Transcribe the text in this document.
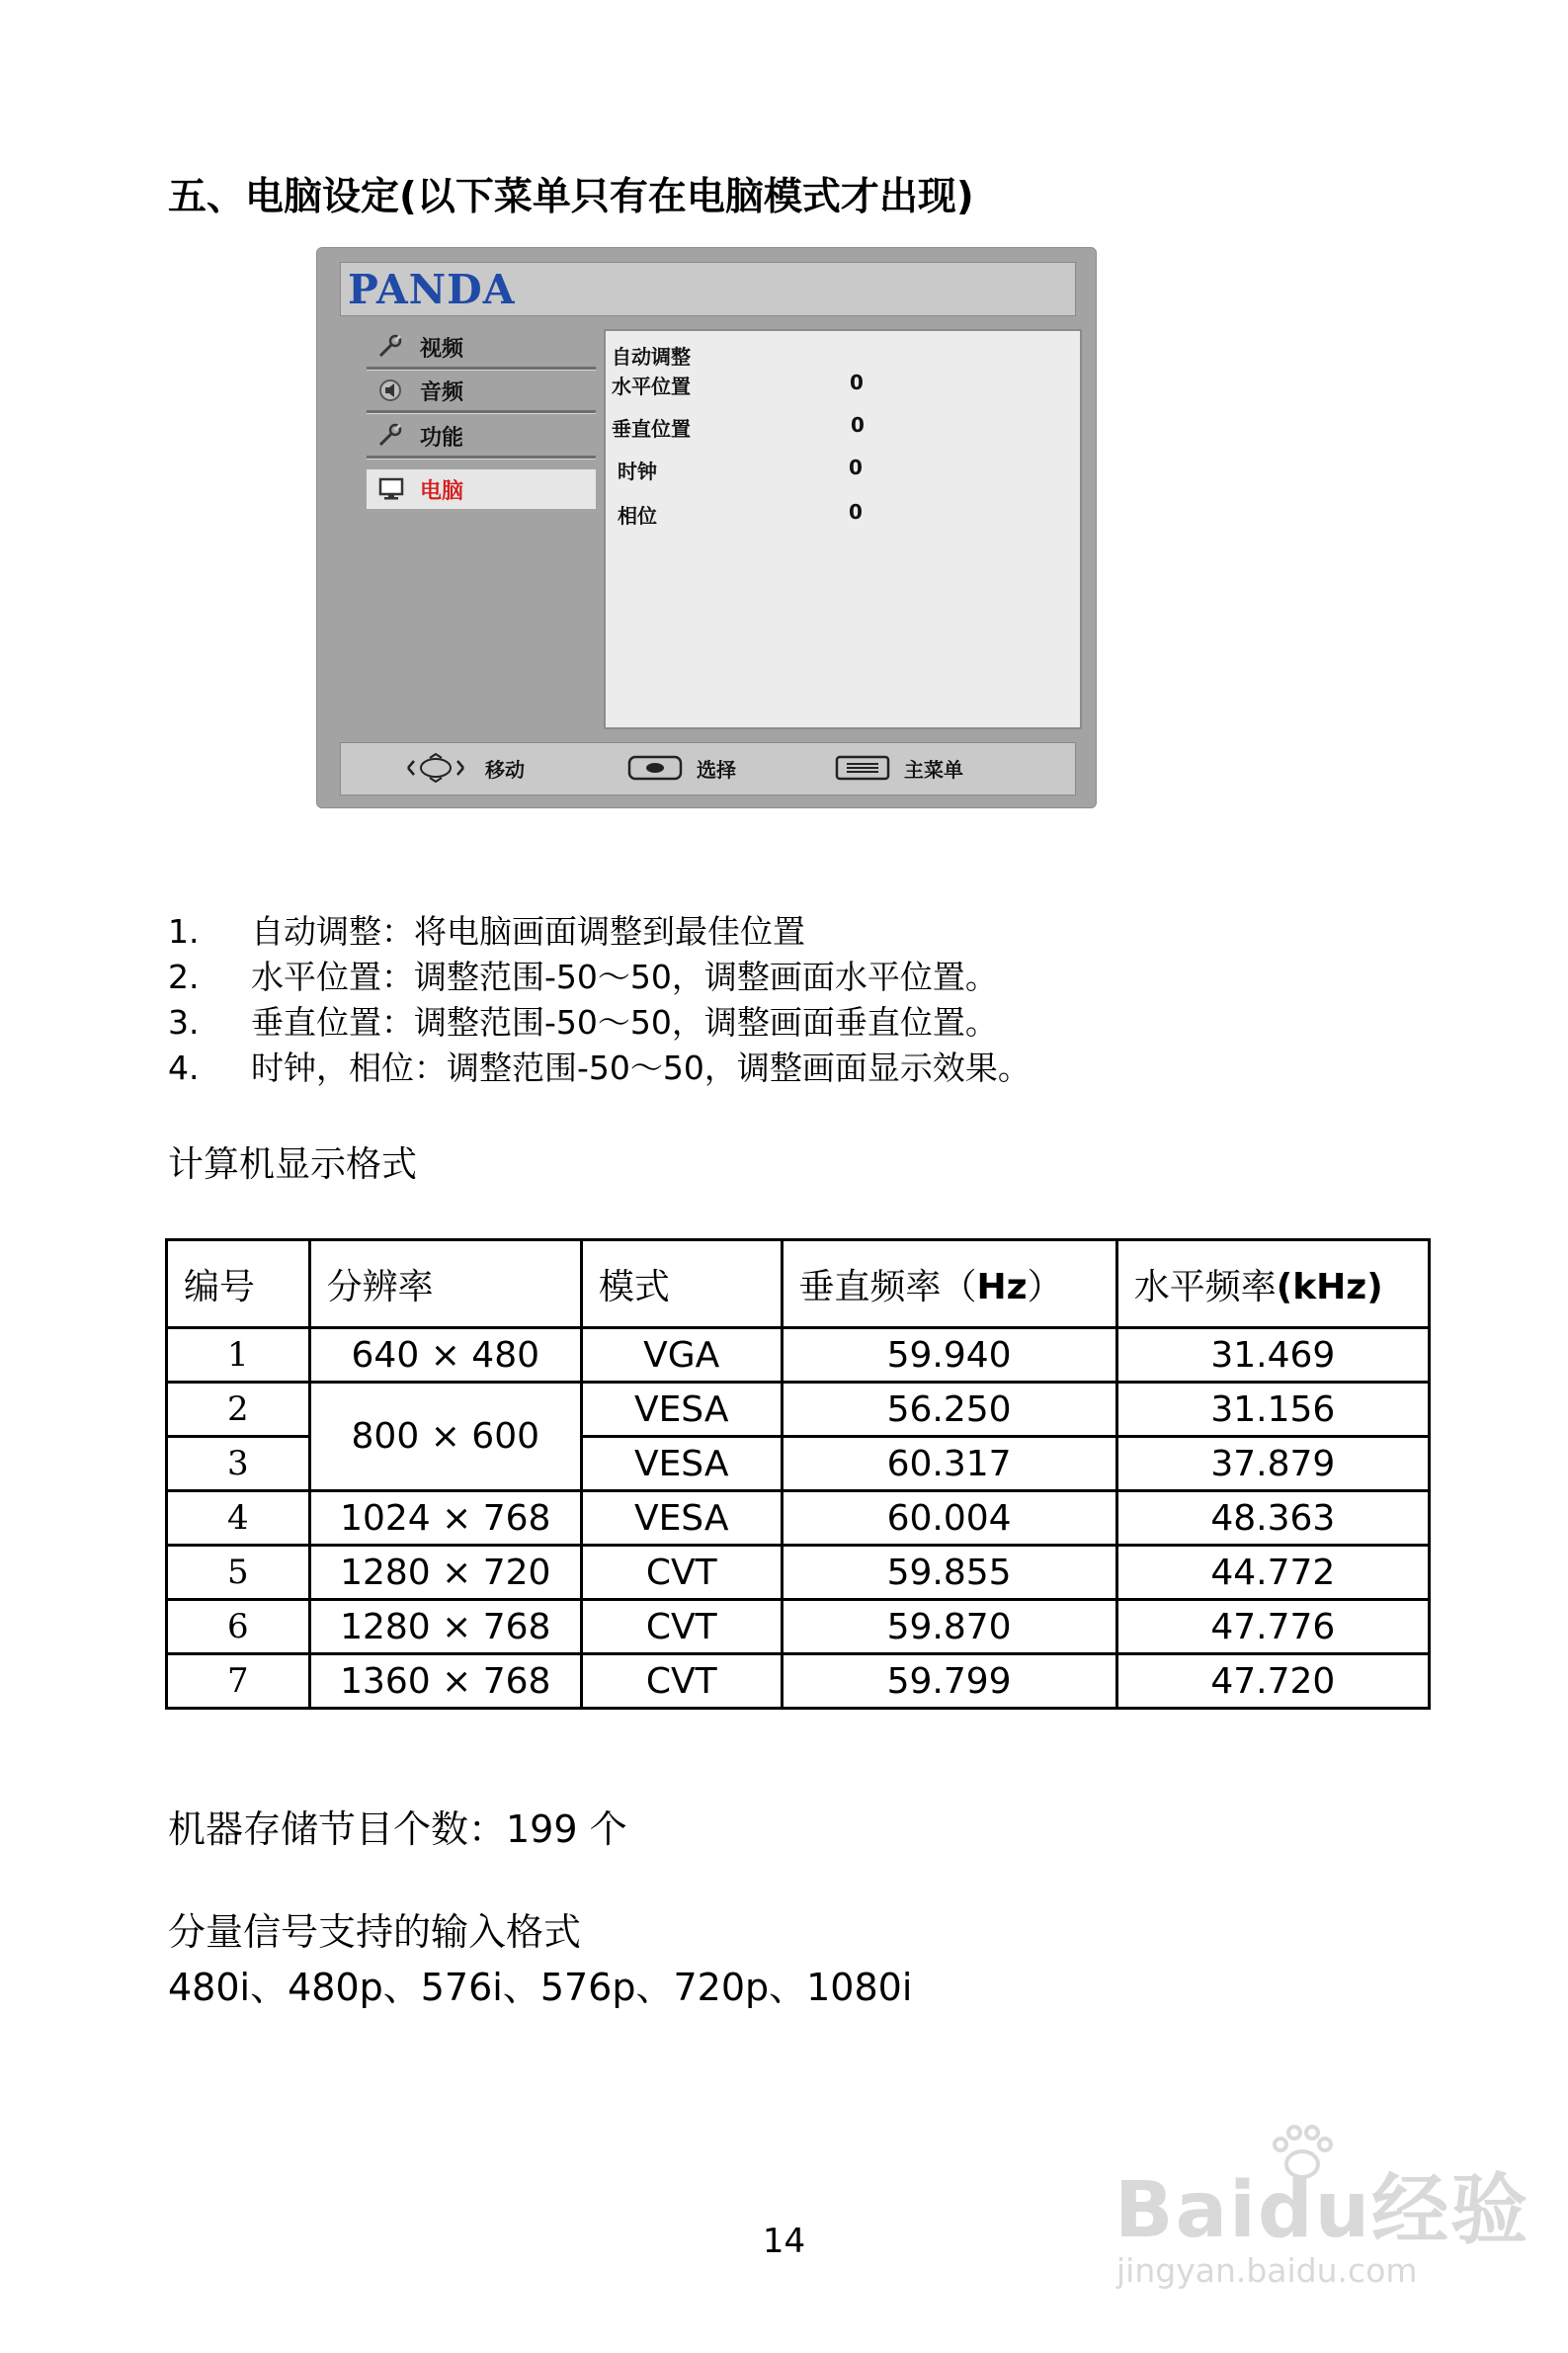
五、电脑设定(以下菜单只有在电脑模式才出现)
PANDA
视频
音频
功能
电脑
自动调整
水平位置	0
垂直位置	0
时钟	0
相位	0
移动	选择	主菜单
1.	自动调整：将电脑画面调整到最佳位置
2.	水平位置：调整范围-50～50，调整画面水平位置。
3.	垂直位置：调整范围-50～50，调整画面垂直位置。
4.	时钟，相位：调整范围-50～50，调整画面显示效果。
计算机显示格式
编号	分辨率	模式	垂直频率（Hz）	水平频率(kHz)
1	640 × 480	VGA	59.940	31.469
2	800 × 600	VESA	56.250	31.156
3		VESA	60.317	37.879
4	1024 × 768	VESA	60.004	48.363
5	1280 × 720	CVT	59.855	44.772
6	1280 × 768	CVT	59.870	47.776
7	1360 × 768	CVT	59.799	47.720
机器存储节目个数：199 个
分量信号支持的输入格式
480i、480p、576i、576p、720p、1080i
Baidu经验
jingyan.baidu.com
14
